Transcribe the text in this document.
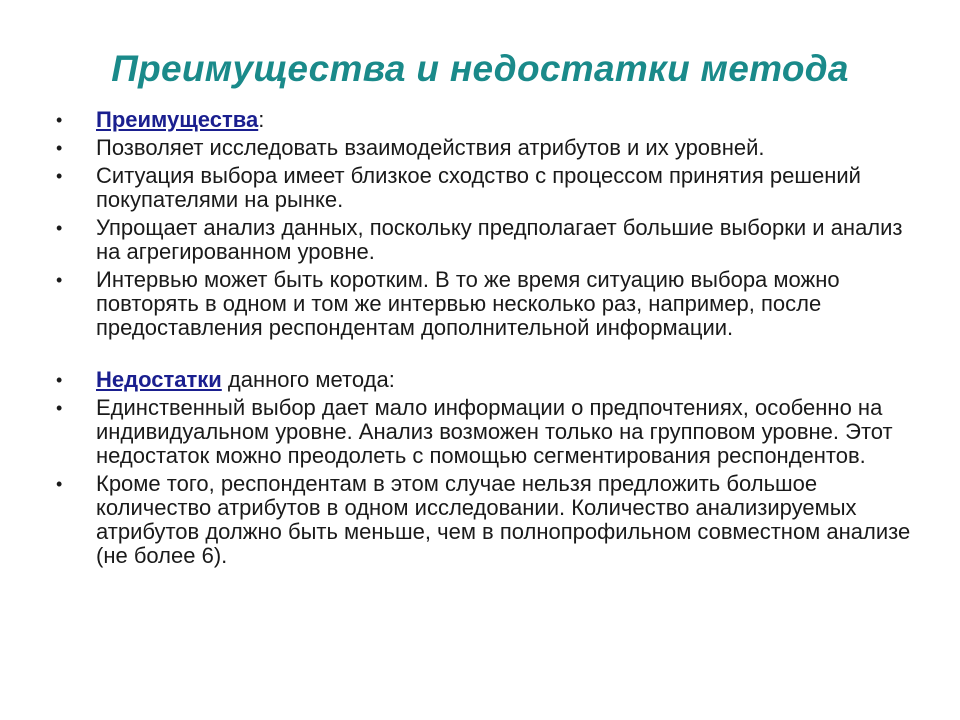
Преимущества и недостатки метода
•	Преимущества:
•	Позволяет исследовать взаимодействия атрибутов и их уровней.
•	Ситуация выбора имеет близкое сходство с процессом принятия решений покупателями на рынке.
•	Упрощает анализ данных, поскольку предполагает большие выборки и анализ на агрегированном уровне.
•	Интервью может быть коротким. В то же время ситуацию выбора можно повторять в одном и том же интервью несколько раз, например, после предоставления респондентам дополнительной информации.
•	Недостатки данного метода:
•	Единственный выбор дает мало информации о предпочтениях, особенно на индивидуальном уровне. Анализ возможен только на групповом уровне. Этот недостаток можно преодолеть с помощью сегментирования респондентов.
•	Кроме того, респондентам в этом случае нельзя предложить большое количество атрибутов в одном исследовании. Количество анализируемых атрибутов должно быть меньше, чем в полнопрофильном совместном анализе (не более 6).
